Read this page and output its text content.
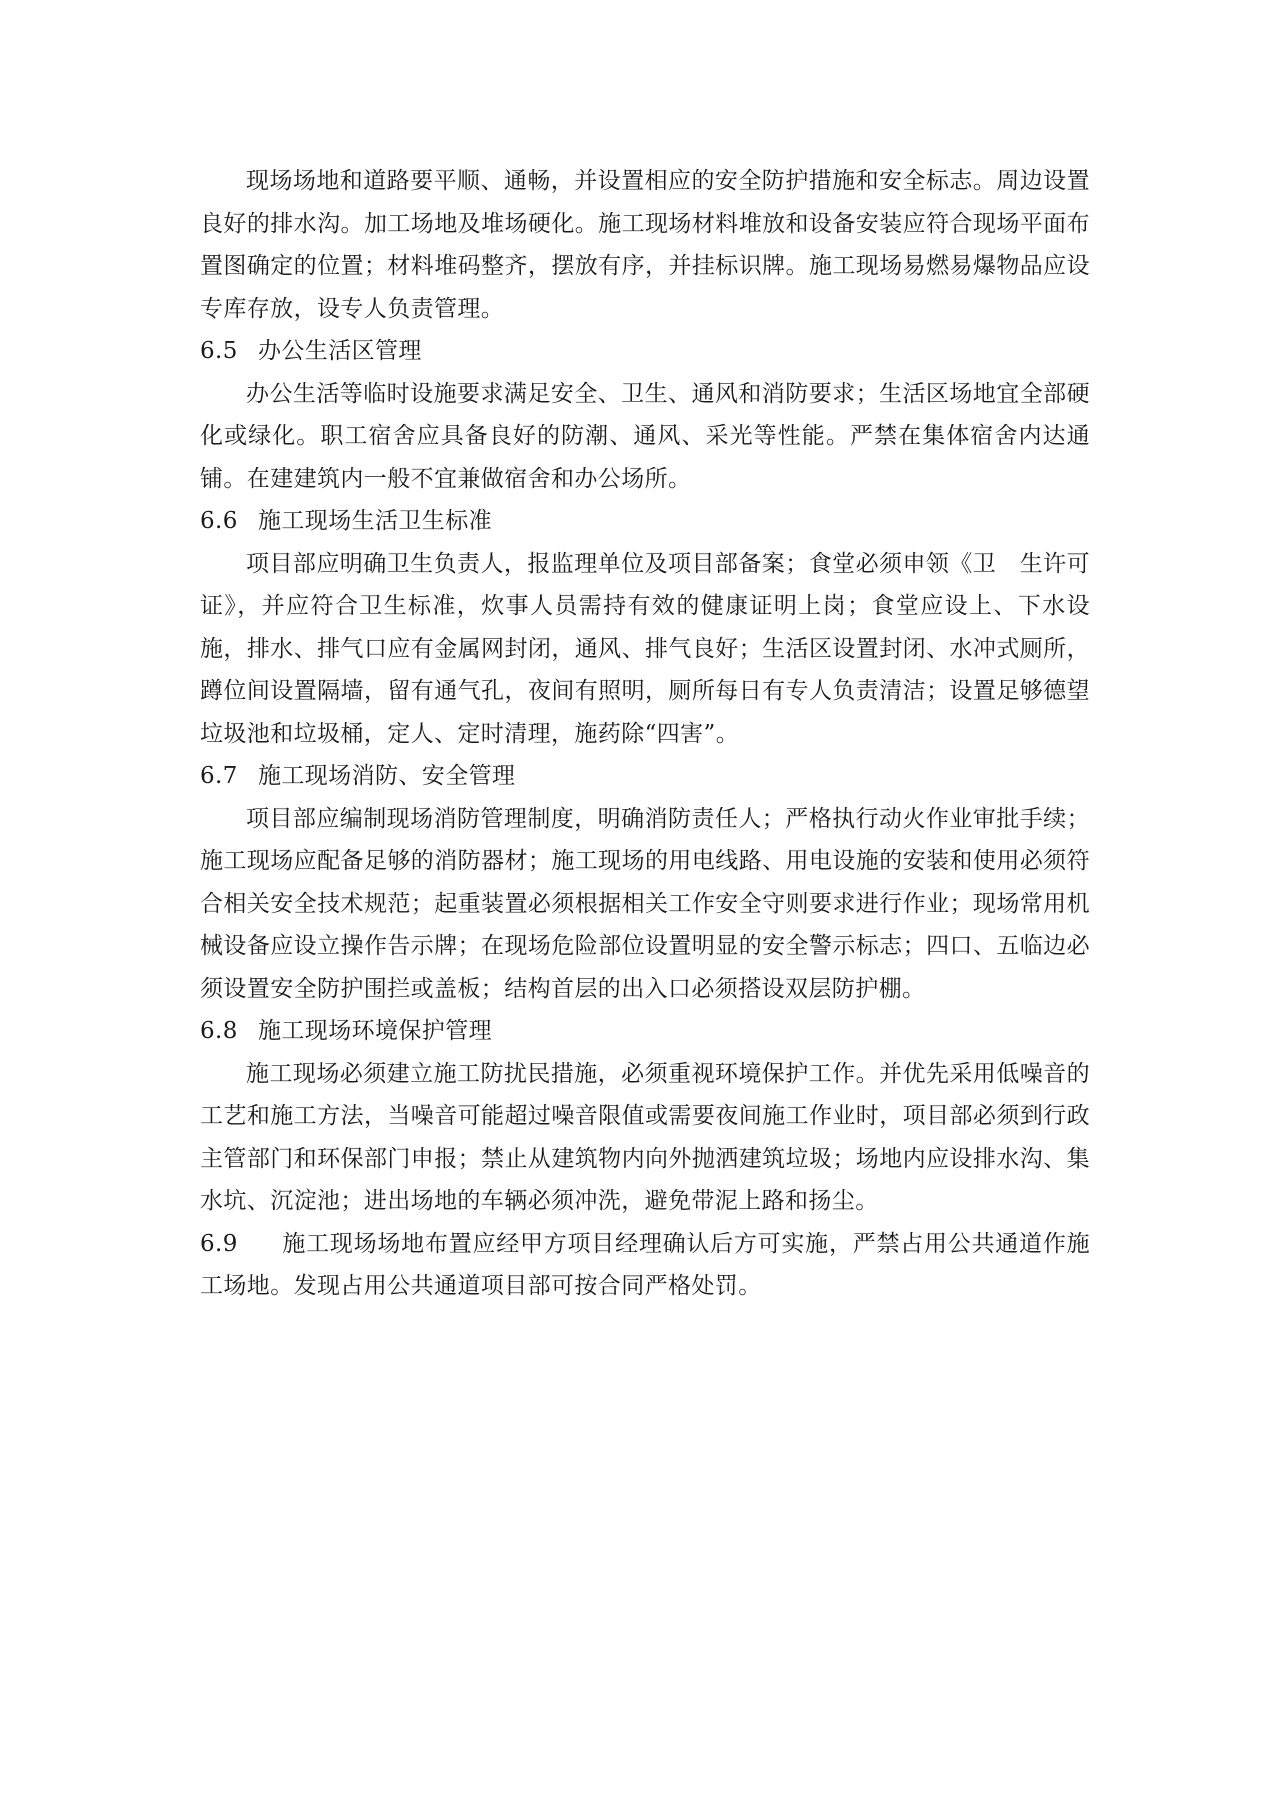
现场场地和道路要平顺、通畅，并设置相应的安全防护措施和安全标志。周边设置良好的排水沟。加工场地及堆场硬化。施工现场材料堆放和设备安装应符合现场平面布置图确定的位置；材料堆码整齐，摆放有序，并挂标识牌。施工现场易燃易爆物品应设专库存放，设专人负责管理。

6.5 办公生活区管理

办公生活等临时设施要求满足安全、卫生、通风和消防要求；生活区场地宜全部硬化或绿化。职工宿舍应具备良好的防潮、通风、采光等性能。严禁在集体宿舍内达通铺。在建建筑内一般不宜兼做宿舍和办公场所。

6.6 施工现场生活卫生标准

项目部应明确卫生负责人，报监理单位及项目部备案；食堂必须申领《卫　生许可证》，并应符合卫生标准，炊事人员需持有效的健康证明上岗；食堂应设上、下水设施，排水、排气口应有金属网封闭，通风、排气良好；生活区设置封闭、水冲式厕所，蹲位间设置隔墙，留有通气孔，夜间有照明，厕所每日有专人负责清洁；设置足够德望垃圾池和垃圾桶，定人、定时清理，施药除“四害”。

6.7 施工现场消防、安全管理

项目部应编制现场消防管理制度，明确消防责任人；严格执行动火作业审批手续；施工现场应配备足够的消防器材；施工现场的用电线路、用电设施的安装和使用必须符合相关安全技术规范；起重装置必须根据相关工作安全守则要求进行作业；现场常用机械设备应设立操作告示牌；在现场危险部位设置明显的安全警示标志；四口、五临边必须设置安全防护围拦或盖板；结构首层的出入口必须搭设双层防护棚。

6.8 施工现场环境保护管理

施工现场必须建立施工防扰民措施，必须重视环境保护工作。并优先采用低噪音的工艺和施工方法，当噪音可能超过噪音限值或需要夜间施工作业时，项目部必须到行政主管部门和环保部门申报；禁止从建筑物内向外抛洒建筑垃圾；场地内应设排水沟、集水坑、沉淀池；进出场地的车辆必须冲洗，避免带泥上路和扬尘。

6.9 施工现场场地布置应经甲方项目经理确认后方可实施，严禁占用公共通道作施工场地。发现占用公共通道项目部可按合同严格处罚。
